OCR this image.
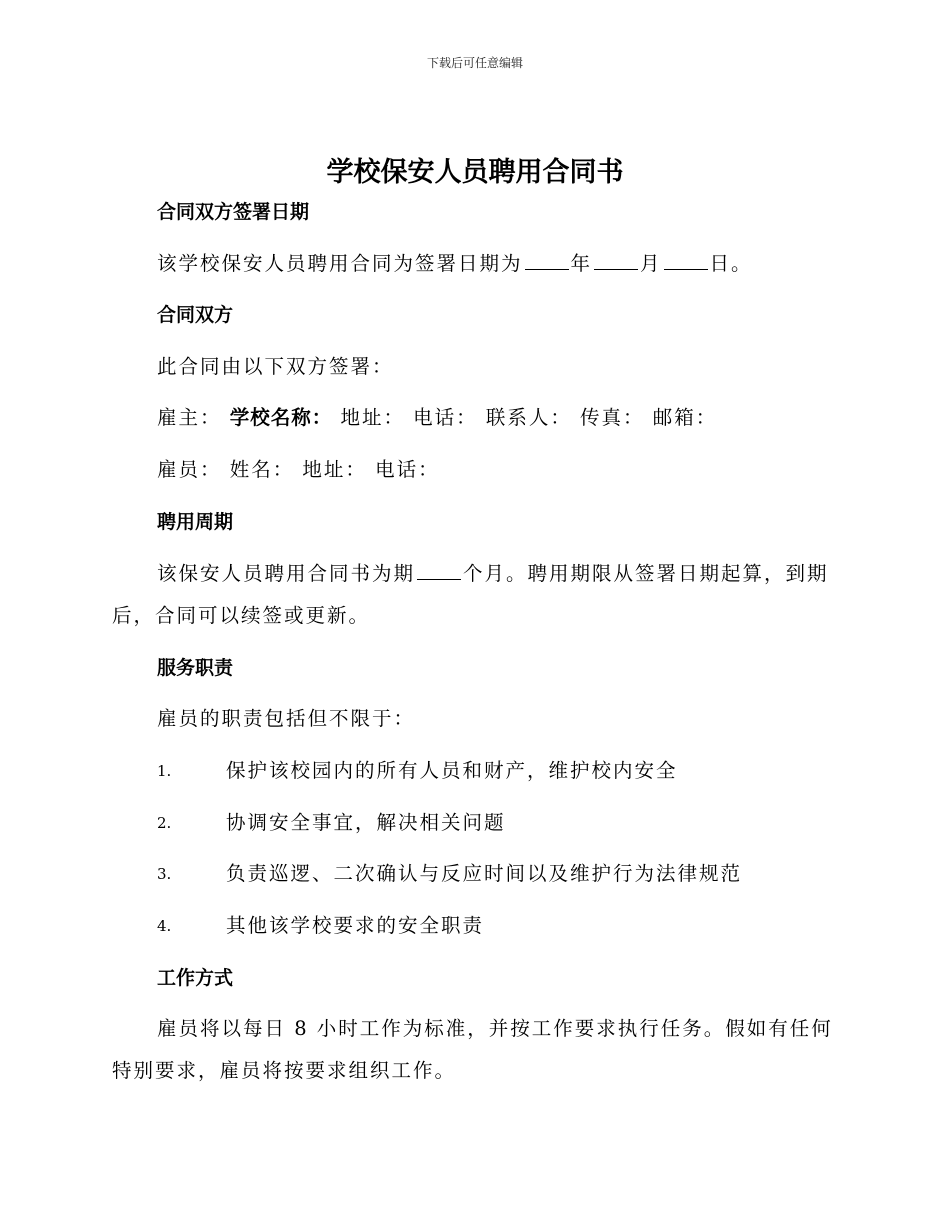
下载后可任意编辑
学校保安人员聘用合同书
合同双方签署日期
该学校保安人员聘用合同为签署日期为 年 月 日。
合同双方
此合同由以下双方签署：
雇主： 学校名称： 地址： 电话： 联系人： 传真： 邮箱：
雇员： 姓名： 地址： 电话：
聘用周期
该保安人员聘用合同书为期 个月。聘用期限从签署日期起算，到期
后，合同可以续签或更新。
服务职责
雇员的职责包括但不限于：
1.	保护该校园内的所有人员和财产，维护校内安全
2.	协调安全事宜，解决相关问题
3.	负责巡逻、二次确认与反应时间以及维护行为法律规范
4.	其他该学校要求的安全职责
工作方式
雇员将以每日 8 小时工作为标准，并按工作要求执行任务。假如有任何
特别要求，雇员将按要求组织工作。
